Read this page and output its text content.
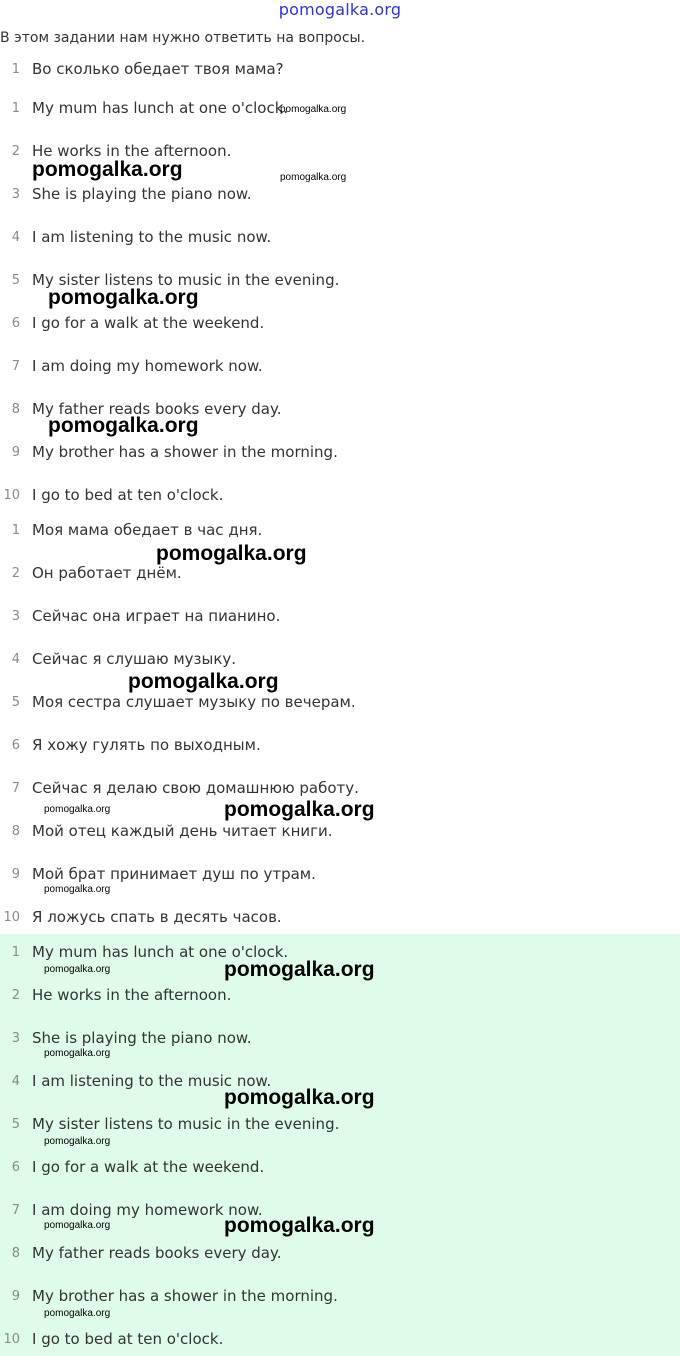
pomogalka.org
В этом задании нам нужно ответить на вопросы.
1 Во сколько обедает твоя мама?
1 My mum has lunch at one o'clock.
2 He works in the afternoon.
3 She is playing the piano now.
4 I am listening to the music now.
5 My sister listens to music in the evening.
6 I go for a walk at the weekend.
7 I am doing my homework now.
8 My father reads books every day.
9 My brother has a shower in the morning.
10 I go to bed at ten o'clock.
1 Моя мама обедает в час дня.
2 Он работает днём.
3 Сейчас она играет на пианино.
4 Сейчас я слушаю музыку.
5 Моя сестра слушает музыку по вечерам.
6 Я хожу гулять по выходным.
7 Сейчас я делаю свою домашнюю работу.
8 Мой отец каждый день читает книги.
9 Мой брат принимает душ по утрам.
10 Я ложусь спать в десять часов.
1 My mum has lunch at one o'clock.
2 He works in the afternoon.
3 She is playing the piano now.
4 I am listening to the music now.
5 My sister listens to music in the evening.
6 I go for a walk at the weekend.
7 I am doing my homework now.
8 My father reads books every day.
9 My brother has a shower in the morning.
10 I go to bed at ten o'clock.
pomogalka.org
pomogalka.org
pomogalka.org
pomogalka.org
pomogalka.org
pomogalka.org
pomogalka.org
pomogalka.org	pomogalka.org
pomogalka.org
pomogalka.org	pomogalka.org
pomogalka.org
pomogalka.org
pomogalka.org
pomogalka.org	pomogalka.org
pomogalka.org
